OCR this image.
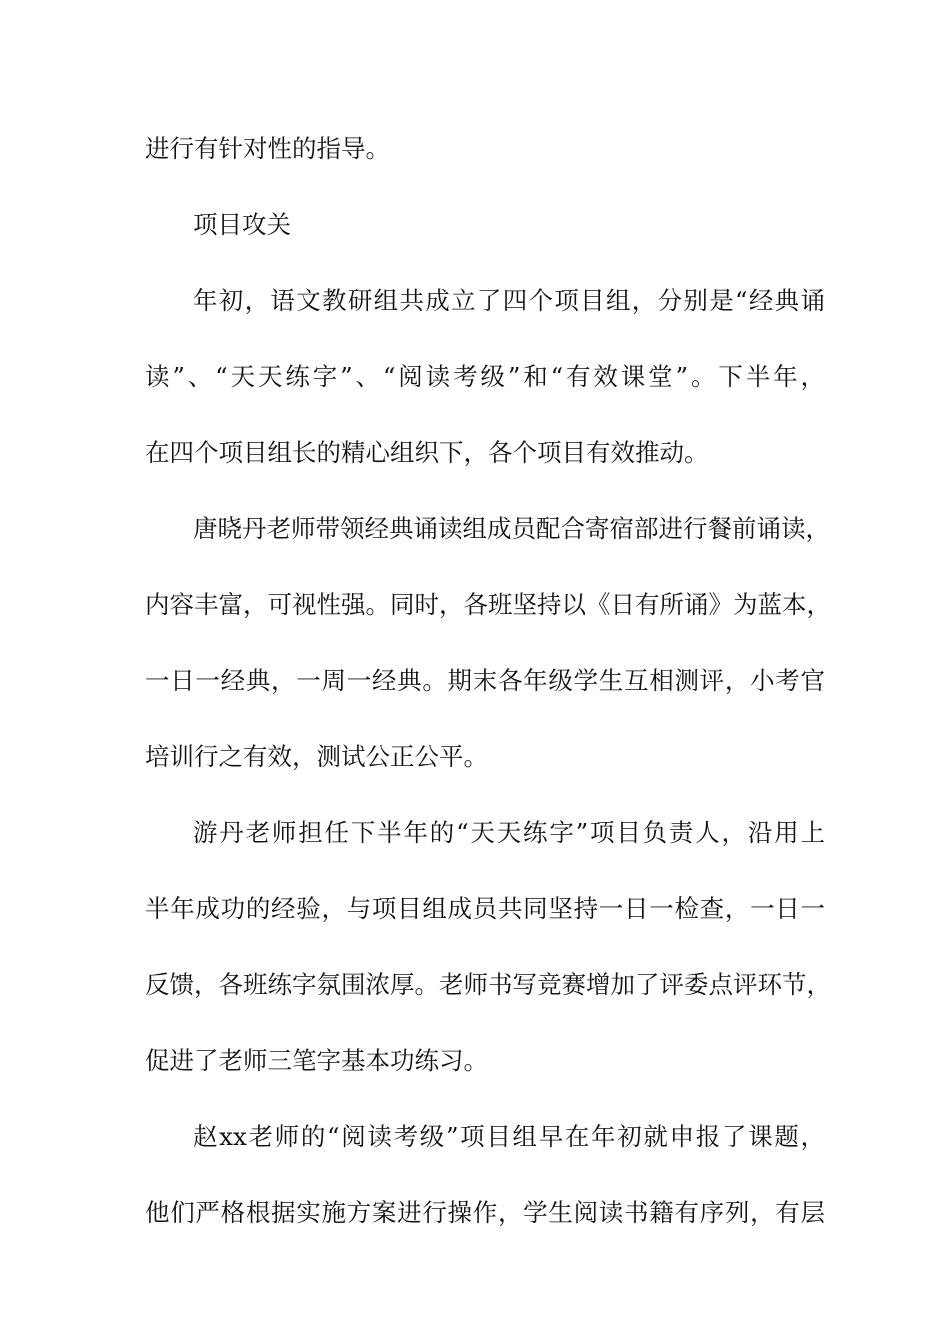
进行有针对性的指导。
项目攻关
年初，语文教研组共成立了四个项目组，分别是“经典诵
读”、“天天练字”、“阅读考级”和“有效课堂”。下半年，
在四个项目组长的精心组织下，各个项目有效推动。
唐晓丹老师带领经典诵读组成员配合寄宿部进行餐前诵读，
内容丰富，可视性强。同时，各班坚持以《日有所诵》为蓝本，
一日一经典，一周一经典。期末各年级学生互相测评，小考官
培训行之有效，测试公正公平。
游丹老师担任下半年的“天天练字”项目负责人，沿用上
半年成功的经验，与项目组成员共同坚持一日一检查，一日一
反馈，各班练字氛围浓厚。老师书写竞赛增加了评委点评环节，
促进了老师三笔字基本功练习。
赵xx老师的“阅读考级”项目组早在年初就申报了课题，
他们严格根据实施方案进行操作，学生阅读书籍有序列，有层
